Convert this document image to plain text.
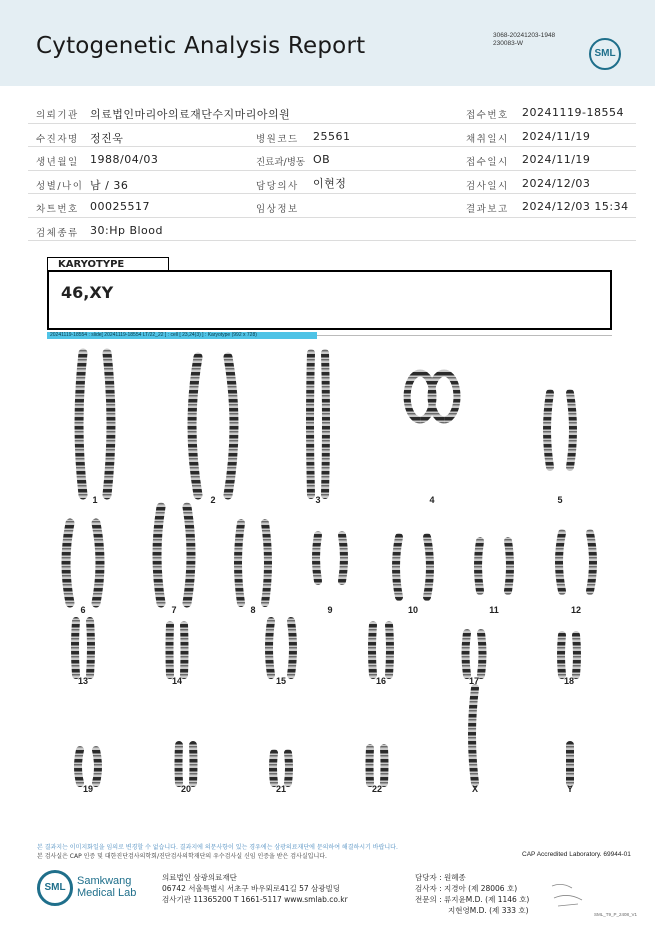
Cytogenetic Analysis Report	3068-20241203-1948
230083-W
SML
의뢰기관 의료법인마리아의료재단수지마리아의원	접수번호 20241119-18554
수진자명 정진욱	병원코드 25561	채취일시 2024/11/19
생년월일 1988/04/03	진료과/병동 OB	접수일시 2024/11/19
성별/나이 남 / 36	담당의사 이현정	검사일시 2024/12/03
차트번호 00025517	임상정보	결과보고 2024/12/03 15:34
검체종류 30:Hp Blood
KARYOTYPE
46,XY
20241119-18554 : slide[ 20241119-18554 LT/22_22 ] : cell [ 23,24(3) ] : Karyotype (992 x 728)
1	2	3	4	5
6	7	8	9	10	11	12
13	14	15	16	17	18
19	20	21	22	X	Y
본 결과지는 이미지화일을 임의로 변경할 수 없습니다. 결과지에 의문사항이 있는 경우에는 삼광의료재단에 문의하여 해결하시기 바랍니다.
본 검사실은 CAP 인증 및 대한진단검사의학회/진단검사의학재단의 우수검사실 신임 인증을 받은 검사실입니다.	CAP Accredited Laboratory. 69944-01
SML
Samkwang
Medical Lab
의료법인 삼광의료재단
06742 서울특별시 서초구 바우뫼로41길 57 삼광빌딩
검사기관 11365200 T 1661-5117 www.smlab.co.kr
담당자 : 원혜종
검사자 : 지경아 (제 28006 호)
전문의 : 류지윤M.D. (제 1146 호)
지현영M.D. (제 333 호)	SML_T9_P_2408_V1
